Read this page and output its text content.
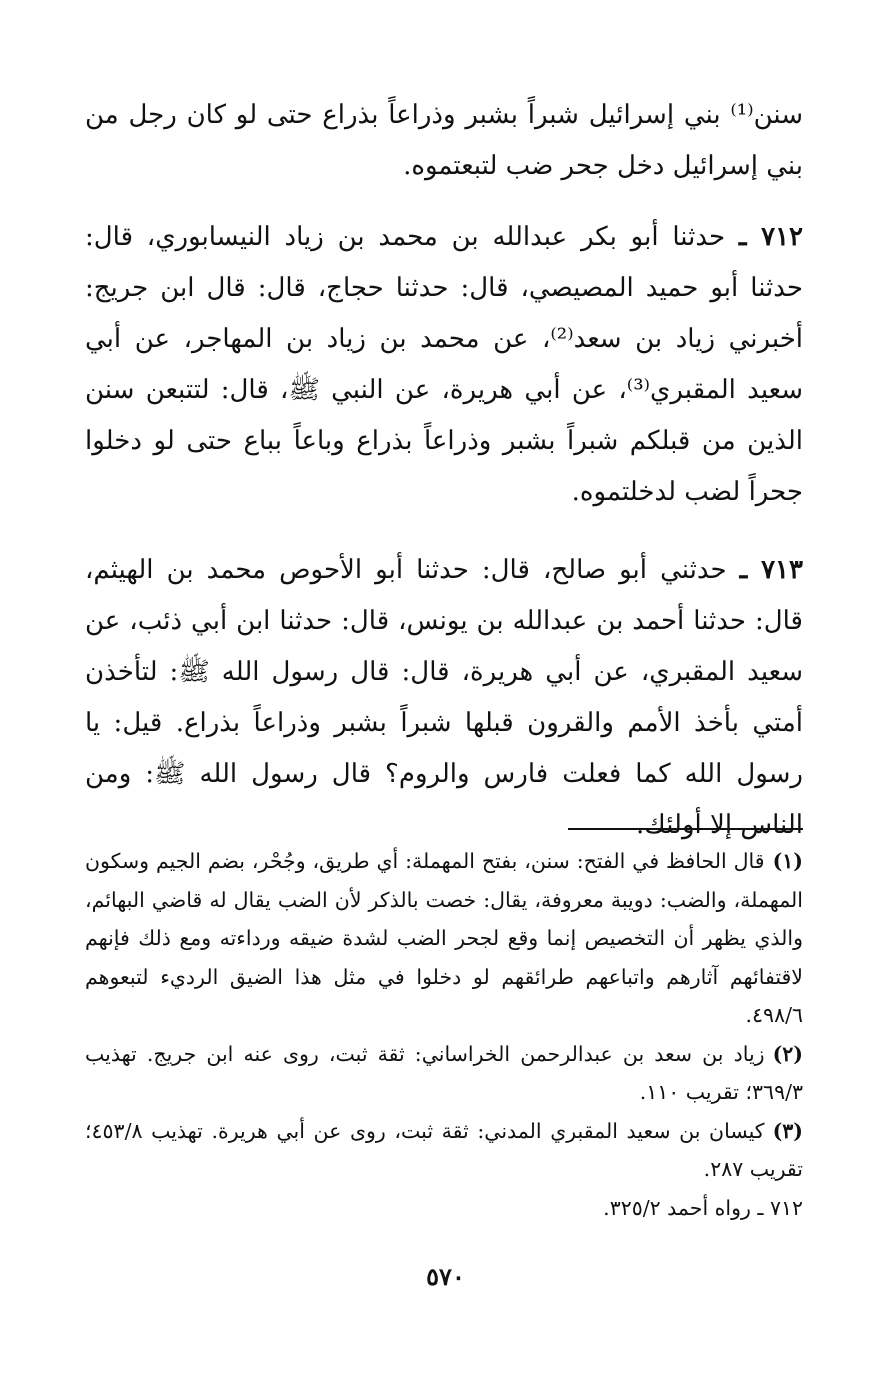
سنن⁽¹⁾ بني إسرائيل شبراً بشبر وذراعاً بذراع حتى لو كان رجل من بني إسرائيل دخل جحر ضب لتبعتموه.

٧١٢ ـ حدثنا أبو بكر عبدالله بن محمد بن زياد النيسابوري، قال: حدثنا أبو حميد المصيصي، قال: حدثنا حجاج، قال: قال ابن جريج: أخبرني زياد بن سعد⁽²⁾، عن محمد بن زياد بن المهاجر، عن أبي سعيد المقبري⁽³⁾، عن أبي هريرة، عن النبي ﷺ، قال: لتتبعن سنن الذين من قبلكم شبراً بشبر وذراعاً بذراع وباعاً بباع حتى لو دخلوا جحراً لضب لدخلتموه.

٧١٣ ـ حدثني أبو صالح، قال: حدثنا أبو الأحوص محمد بن الهيثم، قال: حدثنا أحمد بن عبدالله بن يونس، قال: حدثنا ابن أبي ذئب، عن سعيد المقبري، عن أبي هريرة، قال: قال رسول الله ﷺ: لتأخذن أمتي بأخذ الأمم والقرون قبلها شبراً بشبر وذراعاً بذراع. قيل: يا رسول الله كما فعلت فارس والروم؟ قال رسول الله ﷺ: ومن الناس إلا أولئك.

(١)قال الحافظ في الفتح: سنن، بفتح المهملة: أي طريق، وجُحْر، بضم الجيم وسكون المهملة، والضب: دويبة معروفة، يقال: خصت بالذكر لأن الضب يقال له قاضي البهائم، والذي يظهر أن التخصيص إنما وقع لجحر الضب لشدة ضيقه ورداءته ومع ذلك فإنهم لاقتفائهم آثارهم واتباعهم طرائقهم لو دخلوا في مثل هذا الضيق الرديء لتبعوهم ٤٩٨/٦.

(٢)زياد بن سعد بن عبدالرحمن الخراساني: ثقة ثبت، روى عنه ابن جريج. تهذيب ٣٦٩/٣؛ تقريب ١١٠.

(٣)كيسان بن سعيد المقبري المدني: ثقة ثبت، روى عن أبي هريرة. تهذيب ٤٥٣/٨؛ تقريب ٢٨٧.

٧١٢ ـ رواه أحمد ٣٢٥/٢.

٥٧٠
